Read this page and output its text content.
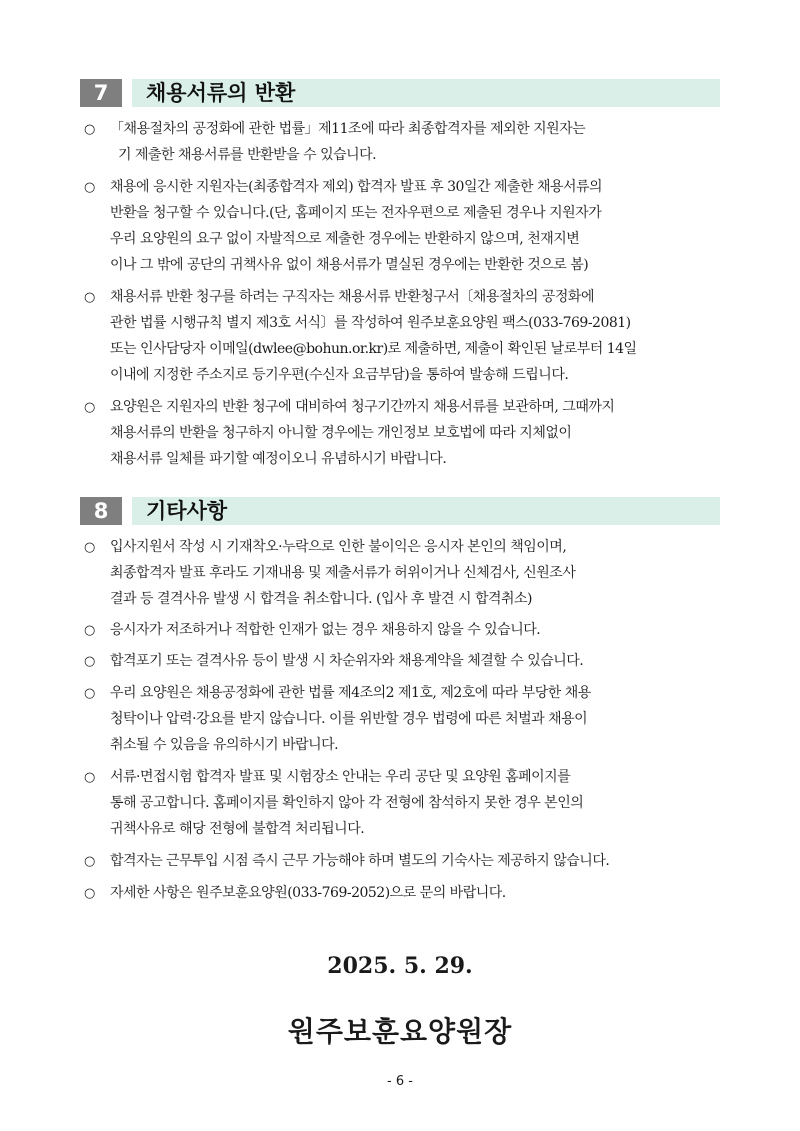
7	채용서류의 반환
○ 「채용절차의 공정화에 관한 법률」제11조에 따라 최종합격자를 제외한 지원자는
기 제출한 채용서류를 반환받을 수 있습니다.
○ 채용에 응시한 지원자는(최종합격자 제외) 합격자 발표 후 30일간 제출한 채용서류의
반환을 청구할 수 있습니다.(단, 홈페이지 또는 전자우편으로 제출된 경우나 지원자가
우리 요양원의 요구 없이 자발적으로 제출한 경우에는 반환하지 않으며, 천재지변
이나 그 밖에 공단의 귀책사유 없이 채용서류가 멸실된 경우에는 반환한 것으로 봄)
○ 채용서류 반환 청구를 하려는 구직자는 채용서류 반환청구서〔채용절차의 공정화에
관한 법률 시행규칙 별지 제3호 서식〕를 작성하여 원주보훈요양원 팩스(033-769-2081)
또는 인사담당자 이메일(dwlee@bohun.or.kr)로 제출하면, 제출이 확인된 날로부터 14일
이내에 지정한 주소지로 등기우편(수신자 요금부담)을 통하여 발송해 드립니다.
○ 요양원은 지원자의 반환 청구에 대비하여 청구기간까지 채용서류를 보관하며, 그때까지
채용서류의 반환을 청구하지 아니할 경우에는 개인정보 보호법에 따라 지체없이
채용서류 일체를 파기할 예정이오니 유념하시기 바랍니다.
8	기타사항
○ 입사지원서 작성 시 기재착오·누락으로 인한 불이익은 응시자 본인의 책임이며,
최종합격자 발표 후라도 기재내용 및 제출서류가 허위이거나 신체검사, 신원조사
결과 등 결격사유 발생 시 합격을 취소합니다. (입사 후 발견 시 합격취소)
○ 응시자가 저조하거나 적합한 인재가 없는 경우 채용하지 않을 수 있습니다.
○ 합격포기 또는 결격사유 등이 발생 시 차순위자와 채용계약을 체결할 수 있습니다.
○ 우리 요양원은 채용공정화에 관한 법률 제4조의2 제1호, 제2호에 따라 부당한 채용
청탁이나 압력·강요를 받지 않습니다. 이를 위반할 경우 법령에 따른 처벌과 채용이
취소될 수 있음을 유의하시기 바랍니다.
○ 서류·면접시험 합격자 발표 및 시험장소 안내는 우리 공단 및 요양원 홈페이지를
통해 공고합니다. 홈페이지를 확인하지 않아 각 전형에 참석하지 못한 경우 본인의
귀책사유로 해당 전형에 불합격 처리됩니다.
○ 합격자는 근무투입 시점 즉시 근무 가능해야 하며 별도의 기숙사는 제공하지 않습니다.
○ 자세한 사항은 원주보훈요양원(033-769-2052)으로 문의 바랍니다.
2025. 5. 29.
원주보훈요양원장
- 6 -
